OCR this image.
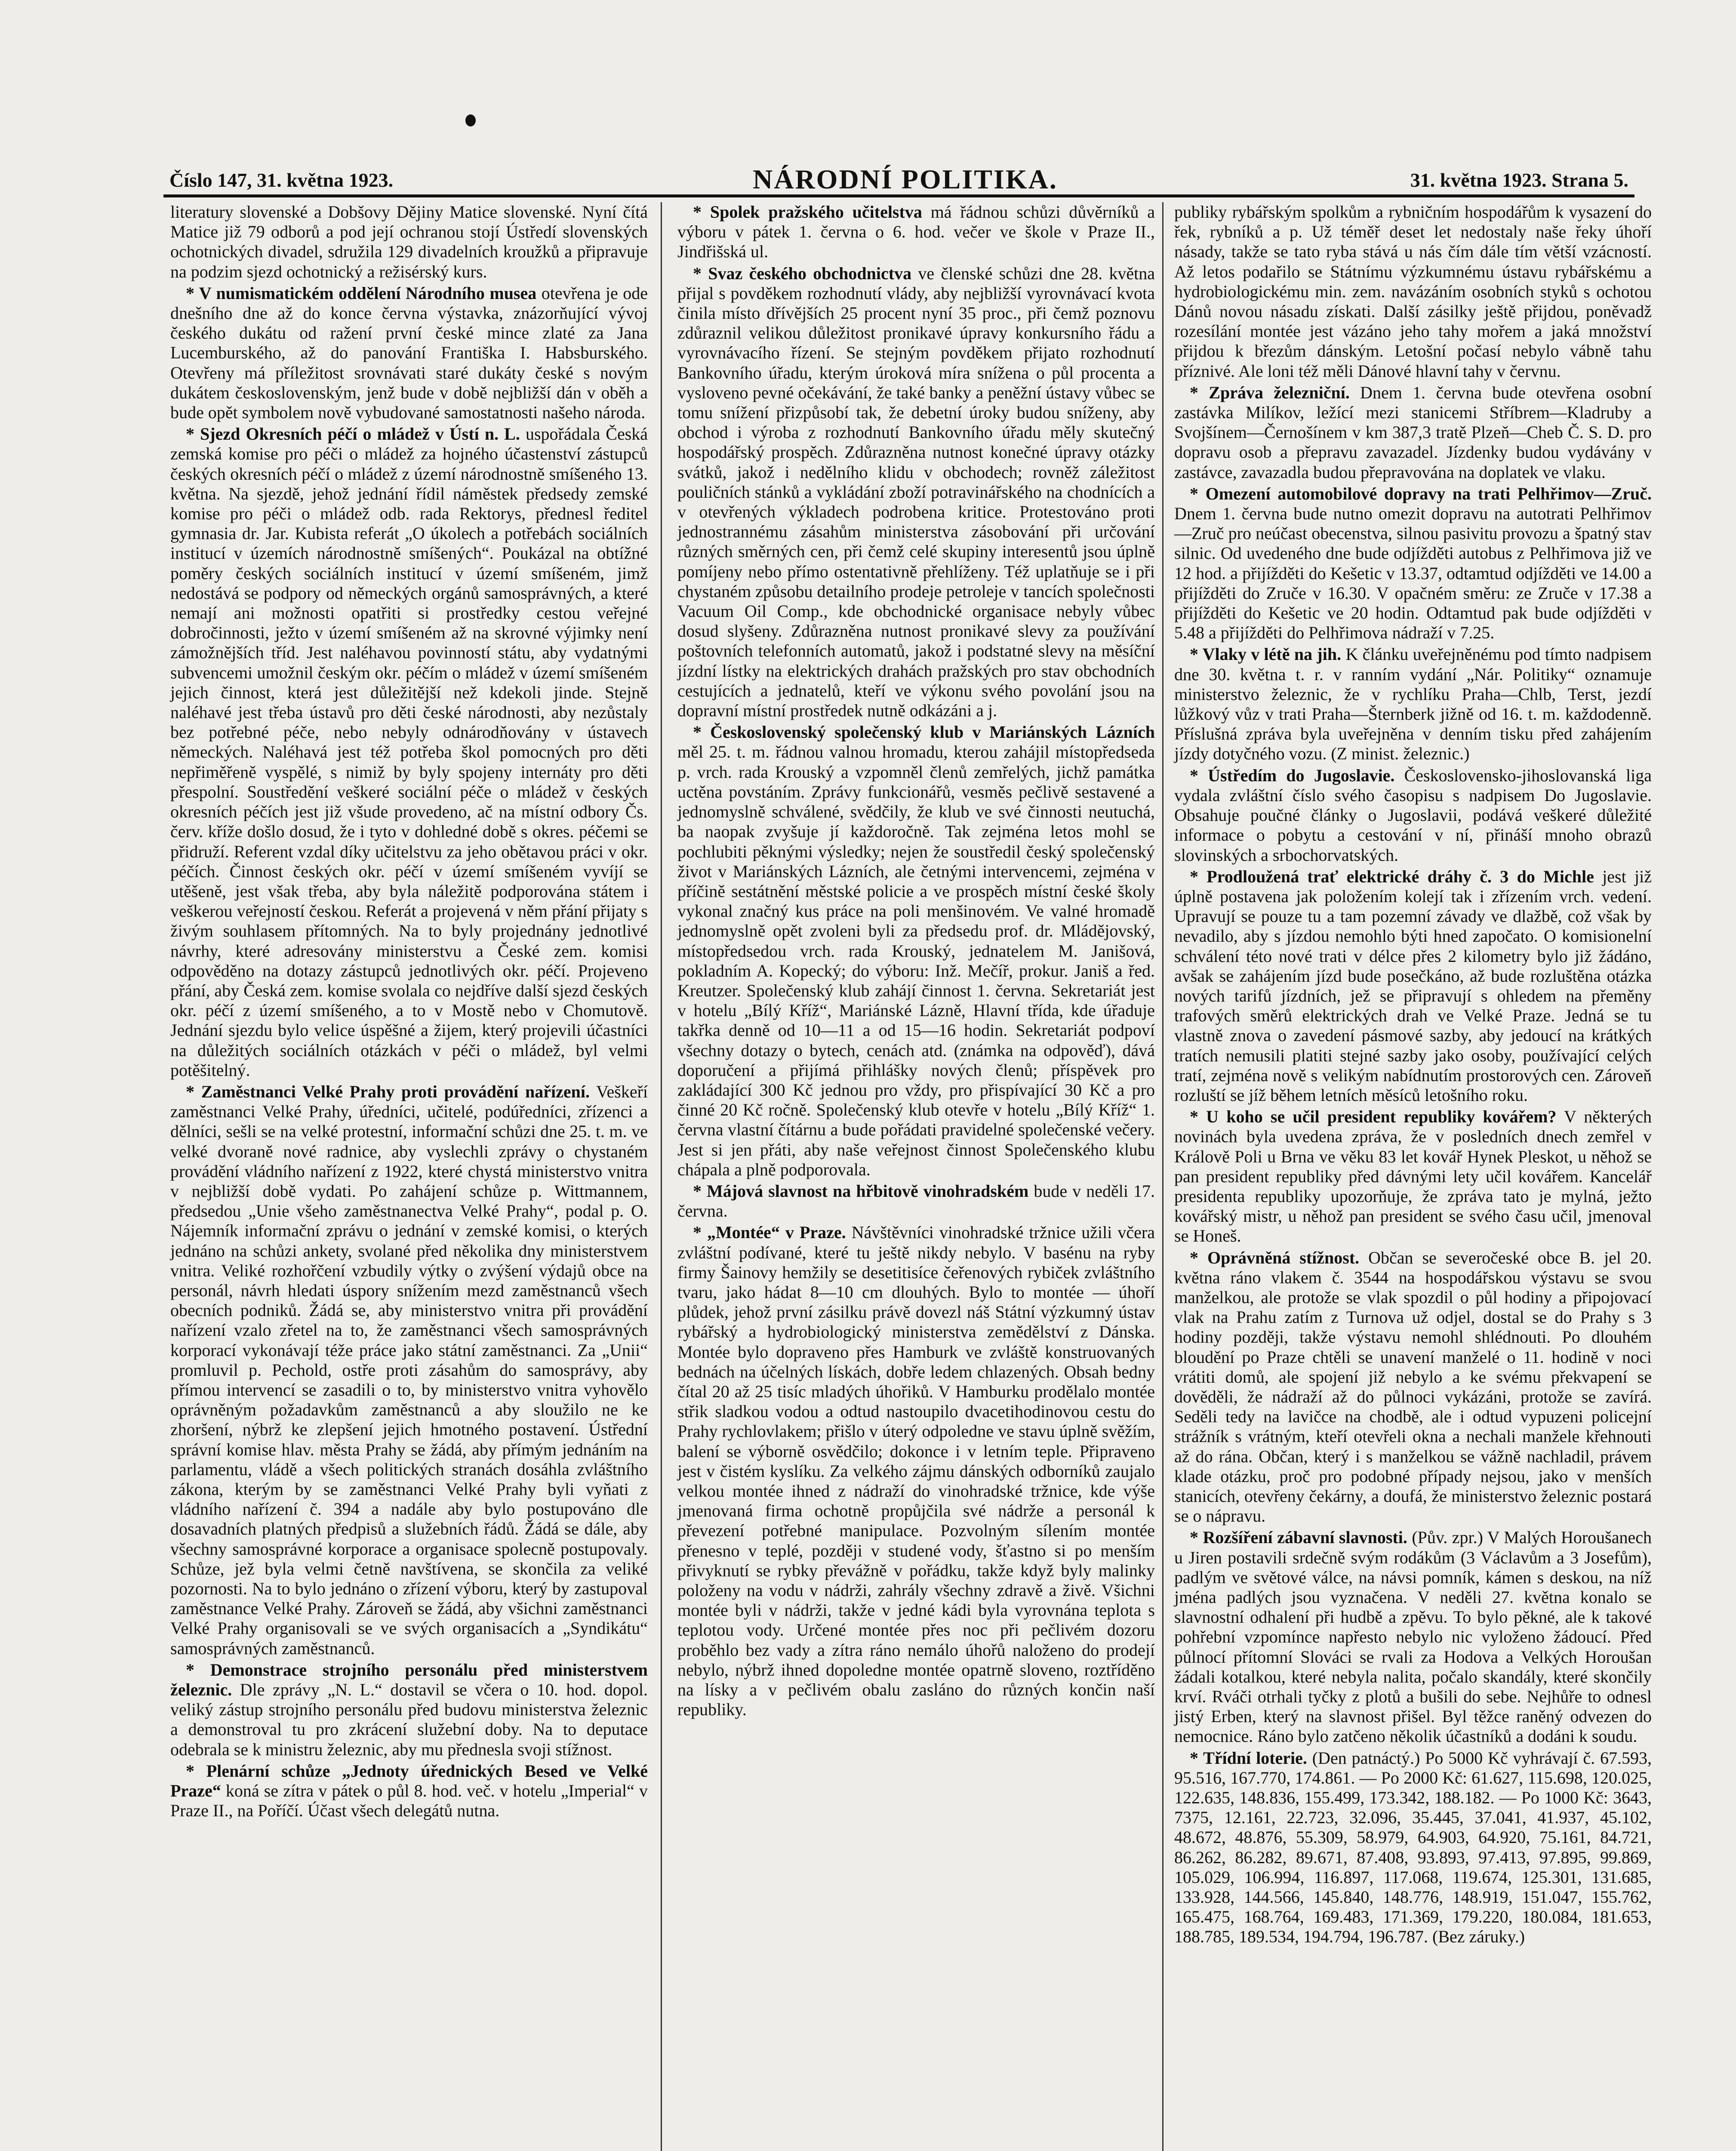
Číslo 147, 31. května 1923.	NÁRODNÍ POLITIKA.	31. května 1923. Strana 5.

literatury slovenské a Dobšovy Dějiny Matice slovenské. Nyní čítá Matice již 79 odborů a pod její ochranou stojí Ústředí slovenských ochotnických divadel, sdružila 129 divadelních kroužků a připravuje na podzim sjezd ochotnický a režisérský kurs.

* V numismatickém oddělení Národního musea otevřena je ode dnešního dne až do konce června výstavka, znázorňující vývoj českého dukátu od ražení první české mince zlaté za Jana Lucemburského, až do panování Františka I. Habsburského. Otevřeny má příležitost srovnávati staré dukáty české s novým dukátem československým, jenž bude v době nejbližší dán v oběh a bude opět symbolem nově vybudované samostatnosti našeho národa.

* Sjezd Okresních péčí o mládež v Ústí n. L. uspořádala Česká zemská komise pro péči o mládež za hojného účastenství zástupců českých okresních péčí o mládež z území národnostně smíšeného 13. května. Na sjezdě, jehož jednání řídil náměstek předsedy zemské komise pro péči o mládež odb. rada Rektorys, přednesl ředitel gymnasia dr. Jar. Kubista referát „O úkolech a potřebách sociálních institucí v územích národnostně smíšených“. Poukázal na obtížné poměry českých sociálních institucí v území smíšeném, jimž nedostává se podpory od německých orgánů samosprávných, a které nemají ani možnosti opatřiti si prostředky cestou veřejné dobročinnosti, ježto v území smíšeném až na skrovné výjimky není zámožnějších tříd. Jest naléhavou povinností státu, aby vydatnými subvencemi umožnil českým okr. péčím o mládež v území smíšeném jejich činnost, která jest důležitější než kdekoli jinde. Stejně naléhavé jest třeba ústavů pro děti české národnosti, aby nezůstaly bez potřebné péče, nebo nebyly odnárodňovány v ústavech německých. Naléhavá jest též potřeba škol pomocných pro děti nepřiměřeně vyspělé, s nimiž by byly spojeny internáty pro děti přespolní. Soustředění veškeré sociální péče o mládež v českých okresních péčích jest již všude provedeno, ač na místní odbory Čs. červ. kříže došlo dosud, že i tyto v dohledné době s okres. péčemi se přidruží. Referent vzdal díky učitelstvu za jeho obětavou práci v okr. péčích. Činnost českých okr. péčí v území smíšeném vyvíjí se utěšeně, jest však třeba, aby byla náležitě podporována státem i veškerou veřejností českou. Referát a projevená v něm přání přijaty s živým souhlasem přítomných. Na to byly projednány jednotlivé návrhy, které adresovány ministerstvu a České zem. komisi odpověděno na dotazy zástupců jednotlivých okr. péčí. Projeveno přání, aby Česká zem. komise svolala co nejdříve další sjezd českých okr. péčí z území smíšeného, a to v Mostě nebo v Chomutově. Jednání sjezdu bylo velice úspěšné a žijem, který projevili účastníci na důležitých sociálních otázkách v péči o mládež, byl velmi potěšitelný.

* Zaměstnanci Velké Prahy proti provádění nařízení. Veškeří zaměstnanci Velké Prahy, úředníci, učitelé, podúředníci, zřízenci a dělníci, sešli se na velké protestní, informační schůzi dne 25. t. m. ve velké dvoraně nové radnice, aby vyslechli zprávy o chystaném provádění vládního nařízení z 1922, které chystá ministerstvo vnitra v nejbližší době vydati. Po zahájení schůze p. Wittmannem, předsedou „Unie všeho zaměstnanectva Velké Prahy“, podal p. O. Nájemník informační zprávu o jednání v zemské komisi, o kterých jednáno na schůzi ankety, svolané před několika dny ministerstvem vnitra. Veliké rozhořčení vzbudily výtky o zvýšení výdajů obce na personál, návrh hledati úspory snížením mezd zaměstnanců všech obecních podniků. Žádá se, aby ministerstvo vnitra při provádění nařízení vzalo zřetel na to, že zaměstnanci všech samosprávných korporací vykonávají téže práce jako státní zaměstnanci. Za „Unii“ promluvil p. Pechold, ostře proti zásahům do samosprávy, aby přímou intervencí se zasadili o to, by ministerstvo vnitra vyhovělo oprávněným požadavkům zaměstnanců a aby sloužilo ne ke zhoršení, nýbrž ke zlepšení jejich hmotného postavení. Ústřední správní komise hlav. města Prahy se žádá, aby přímým jednáním na parlamentu, vládě a všech politických stranách dosáhla zvláštního zákona, kterým by se zaměstnanci Velké Prahy byli vyňati z vládního nařízení č. 394 a nadále aby bylo postupováno dle dosavadních platných předpisů a služebních řádů. Žádá se dále, aby všechny samosprávné korporace a organisace spolecně postupovaly. Schůze, jež byla velmi četně navštívena, se skončila za veliké pozornosti. Na to bylo jednáno o zřízení výboru, který by zastupoval zaměstnance Velké Prahy. Zároveň se žádá, aby všichni zaměstnanci Velké Prahy organisovali se ve svých organisacích a „Syndikátu“ samosprávných zaměstnanců.

* Demonstrace strojního personálu před ministerstvem železnic. Dle zprávy „N. L.“ dostavil se včera o 10. hod. dopol. veliký zástup strojního personálu před budovu ministerstva železnic a demonstroval tu pro zkrácení služební doby. Na to deputace odebrala se k ministru železnic, aby mu přednesla svoji stížnost.

* Plenární schůze „Jednoty úřednických Besed ve Velké Praze“ koná se zítra v pátek o půl 8. hod. več. v hotelu „Imperial“ v Praze II., na Poříčí. Účast všech delegátů nutna.

* Spolek pražského učitelstva má řádnou schůzi důvěrníků a výboru v pátek 1. června o 6. hod. večer ve škole v Praze II., Jindřišská ul.

* Svaz českého obchodnictva ve členské schůzi dne 28. května přijal s povděkem rozhodnutí vlády, aby nejbližší vyrovnávací kvota činila místo dřívějších 25 procent nyní 35 proc., při čemž poznovu zdůraznil velikou důležitost pronikavé úpravy konkursního řádu a vyrovnávacího řízení. Se stejným povděkem přijato rozhodnutí Bankovního úřadu, kterým úroková míra snížena o půl procenta a vysloveno pevné očekávání, že také banky a peněžní ústavy vůbec se tomu snížení přizpůsobí tak, že debetní úroky budou sníženy, aby obchod i výroba z rozhodnutí Bankovního úřadu měly skutečný hospodářský prospěch. Zdůrazněna nutnost konečné úpravy otázky svátků, jakož i nedělního klidu v obchodech; rovněž záležitost pouličních stánků a vykládání zboží potravinářského na chodnících a v otevřených výkladech podrobena kritice. Protestováno proti jednostrannému zásahům ministerstva zásobování při určování různých směrných cen, při čemž celé skupiny interesentů jsou úplně pomíjeny nebo přímo ostentativně přehlíženy. Též uplatňuje se i při chystaném způsobu detailního prodeje petroleje v tancích společnosti Vacuum Oil Comp., kde obchodnické organisace nebyly vůbec dosud slyšeny. Zdůrazněna nutnost pronikavé slevy za používání poštovních telefonních automatů, jakož i podstatné slevy na měsíční jízdní lístky na elektrických drahách pražských pro stav obchodních cestujících a jednatelů, kteří ve výkonu svého povolání jsou na dopravní místní prostředek nutně odkázáni a j.

* Československý společenský klub v Mariánských Lázních měl 25. t. m. řádnou valnou hromadu, kterou zahájil místopředseda p. vrch. rada Krouský a vzpomněl členů zemřelých, jichž památka uctěna povstáním. Zprávy funkcionářů, vesměs pečlivě sestavené a jednomyslně schválené, svědčily, že klub ve své činnosti neutuchá, ba naopak zvyšuje jí každoročně. Tak zejména letos mohl se pochlubiti pěknými výsledky; nejen že soustředil český společenský život v Mariánských Lázních, ale četnými intervencemi, zejména v příčině sestátnění městské policie a ve prospěch místní české školy vykonal značný kus práce na poli menšinovém. Ve valné hromadě jednomyslně opět zvoleni byli za předsedu prof. dr. Mládějovský, místopředsedou vrch. rada Krouský, jednatelem M. Janišová, pokladním A. Kopecký; do výboru: Inž. Mečíř, prokur. Janiš a řed. Kreutzer. Společenský klub zahájí činnost 1. června. Sekretariát jest v hotelu „Bílý Kříž“, Mariánské Lázně, Hlavní třída, kde úřaduje takřka denně od 10—11 a od 15—16 hodin. Sekretariát podpoví všechny dotazy o bytech, cenách atd. (známka na odpověď), dává doporučení a přijímá přihlášky nových členů; příspěvek pro zakládající 300 Kč jednou pro vždy, pro přispívající 30 Kč a pro činné 20 Kč ročně. Společenský klub otevře v hotelu „Bílý Kříž“ 1. června vlastní čítárnu a bude pořádati pravidelné společenské večery. Jest si jen přáti, aby naše veřejnost činnost Společenského klubu chápala a plně podporovala.

* Májová slavnost na hřbitově vinohradském bude v neděli 17. června.

* „Montée“ v Praze. Návštěvníci vinohradské tržnice užili včera zvláštní podívané, které tu ještě nikdy nebylo. V basénu na ryby firmy Šainovy hemžily se desetitisíce čeřenových rybiček zvláštního tvaru, jako hádat 8—10 cm dlouhých. Bylo to montée — úhoří plůdek, jehož první zásilku právě dovezl náš Státní výzkumný ústav rybářský a hydrobiologický ministerstva zemědělství z Dánska. Montée bylo dopraveno přes Hamburk ve zvláště konstruovaných bednách na účelných lískách, dobře ledem chlazených. Obsah bedny čítal 20 až 25 tisíc mladých úhořiků. V Hamburku prodělalo montée střik sladkou vodou a odtud nastoupilo dvacetihodinovou cestu do Prahy rychlovlakem; přišlo v úterý odpoledne ve stavu úplně svěžím, balení se výborně osvědčilo; dokonce i v letním teple. Připraveno jest v čistém kyslíku. Za velkého zájmu dánských odborníků zaujalo velkou montée ihned z nádraží do vinohradské tržnice, kde výše jmenovaná firma ochotně propůjčila své nádrže a personál k převezení potřebné manipulace. Pozvolným sílením montée přenesno v teplé, později v studené vody, šťastno si po menším přivyknutí se rybky převážně v pořádku, takže když byly malinky položeny na vodu v nádrži, zahrály všechny zdravě a živě. Všichni montée byli v nádrži, takže v jedné kádi byla vyrovnána teplota s teplotou vody. Určené montée přes noc při pečlivém dozoru proběhlo bez vady a zítra ráno nemálo úhořů naloženo do prodejí nebylo, nýbrž ihned dopoledne montée opatrně sloveno, roztříděno na lísky a v pečlivém obalu zasláno do různých končin naší republiky.

publiky rybářským spolkům a rybničním hospodářům k vysazení do řek, rybníků a p. Už téměř deset let nedostaly naše řeky úhoří násady, takže se tato ryba stává u nás čím dále tím větší vzácností. Až letos podařilo se Státnímu výzkumnému ústavu rybářskému a hydrobiologickému min. zem. navázáním osobních styků s ochotou Dánů novou násadu získati. Další zásilky ještě přijdou, poněvadž rozesílání montée jest vázáno jeho tahy mořem a jaká množství přijdou k březům dánským. Letošní počasí nebylo vábně tahu příznivé. Ale loni též měli Dánové hlavní tahy v červnu.

* Zpráva železniční. Dnem 1. června bude otevřena osobní zastávka Milíkov, ležící mezi stanicemi Stříbrem—Kladruby a Svojšínem—Černošínem v km 387,3 tratě Plzeň—Cheb Č. S. D. pro dopravu osob a přepravu zavazadel. Jízdenky budou vydávány v zastávce, zavazadla budou přepravována na doplatek ve vlaku.

* Omezení automobilové dopravy na trati Pelhřimov—Zruč. Dnem 1. června bude nutno omezit dopravu na autotrati Pelhřimov—Zruč pro neúčast obecenstva, silnou pasivitu provozu a špatný stav silnic. Od uvedeného dne bude odjížděti autobus z Pelhřimova již ve 12 hod. a přijížděti do Kešetic v 13.37, odtamtud odjížděti ve 14.00 a přijížděti do Zruče v 16.30. V opačném směru: ze Zruče v 17.38 a přijížděti do Kešetic ve 20 hodin. Odtamtud pak bude odjížděti v 5.48 a přijížděti do Pelhřimova nádraží v 7.25.

* Vlaky v létě na jih. K článku uveřejněnému pod tímto nadpisem dne 30. května t. r. v ranním vydání „Nár. Politiky“ oznamuje ministerstvo železnic, že v rychlíku Praha—Chlb, Terst, jezdí lůžkový vůz v trati Praha—Šternberk jižně od 16. t. m. každodenně. Příslušná zpráva byla uveřejněna v denním tisku před zahájením jízdy dotyčného vozu. (Z minist. železnic.)

* Ústředím do Jugoslavie. Československo-jihoslovanská liga vydala zvláštní číslo svého časopisu s nadpisem Do Jugoslavie. Obsahuje poučné články o Jugoslavii, podává veškeré důležité informace o pobytu a cestování v ní, přináší mnoho obrazů slovinských a srbochorvatských.

* Prodloužená trať elektrické dráhy č. 3 do Michle jest již úplně postavena jak položením kolejí tak i zřízením vrch. vedení. Upravují se pouze tu a tam pozemní závady ve dlažbě, což však by nevadilo, aby s jízdou nemohlo býti hned započato. O komisionelní schválení této nové trati v délce přes 2 kilometry bylo již žádáno, avšak se zahájením jízd bude posečkáno, až bude rozluštěna otázka nových tarifů jízdních, jež se připravují s ohledem na přeměny trafových směrů elektrických drah ve Velké Praze. Jedná se tu vlastně znova o zavedení pásmové sazby, aby jedoucí na krátkých tratích nemusili platiti stejné sazby jako osoby, používající celých tratí, zejména nově s velikým nabídnutím prostorových cen. Zároveň rozluští se jíž během letních měsíců letošního roku.

* U koho se učil president republiky kovářem? V některých novinách byla uvedena zpráva, že v posledních dnech zemřel v Králově Poli u Brna ve věku 83 let kovář Hynek Pleskot, u něhož se pan president republiky před dávnými lety učil kovářem. Kancelář presidenta republiky upozorňuje, že zpráva tato je mylná, ježto kovářský mistr, u něhož pan president se svého času učil, jmenoval se Honeš.

* Oprávněná stížnost. Občan se severočeské obce B. jel 20. května ráno vlakem č. 3544 na hospodářskou výstavu se svou manželkou, ale protože se vlak spozdil o půl hodiny a připojovací vlak na Prahu zatím z Turnova už odjel, dostal se do Prahy s 3 hodiny později, takže výstavu nemohl shlédnouti. Po dlouhém bloudění po Praze chtěli se unavení manželé o 11. hodině v noci vrátiti domů, ale spojení již nebylo a ke svému překvapení se dověděli, že nádraží až do půlnoci vykázáni, protože se zavírá. Seděli tedy na lavičce na chodbě, ale i odtud vypuzeni policejní strážník s vrátným, kteří otevřeli okna a nechali manžele křehnouti až do rána. Občan, který i s manželkou se vážně nachladil, právem klade otázku, proč pro podobné případy nejsou, jako v menších stanicích, otevřeny čekárny, a doufá, že ministerstvo železnic postará se o nápravu.

* Rozšíření zábavní slavnosti. (Pův. zpr.) V Malých Horoušanech u Jiren postavili srdečně svým rodákům (3 Václavům a 3 Josefům), padlým ve světové válce, na návsi pomník, kámen s deskou, na níž jména padlých jsou vyznačena. V neděli 27. května konalo se slavnostní odhalení při hudbě a zpěvu. To bylo pěkné, ale k takové pohřební vzpomínce napřesto nebylo nic vyloženo žádoucí. Před půlnocí přítomní Slováci se rvali za Hodova a Velkých Horoušan žádali kotalkou, které nebyla nalita, počalo skandály, které skončily krví. Rváči otrhali tyčky z plotů a bušili do sebe. Nejhůře to odnesl jistý Erben, který na slavnost přišel. Byl těžce raněný odvezen do nemocnice. Ráno bylo zatčeno několik účastníků a dodáni k soudu.

* Třídní loterie. (Den patnáctý.) Po 5000 Kč vyhrávají č. 67.593, 95.516, 167.770, 174.861. — Po 2000 Kč: 61.627, 115.698, 120.025, 122.635, 148.836, 155.499, 173.342, 188.182. — Po 1000 Kč: 3643, 7375, 12.161, 22.723, 32.096, 35.445, 37.041, 41.937, 45.102, 48.672, 48.876, 55.309, 58.979, 64.903, 64.920, 75.161, 84.721, 86.262, 86.282, 89.671, 87.408, 93.893, 97.413, 97.895, 99.869, 105.029, 106.994, 116.897, 117.068, 119.674, 125.301, 131.685, 133.928, 144.566, 145.840, 148.776, 148.919, 151.047, 155.762, 165.475, 168.764, 169.483, 171.369, 179.220, 180.084, 181.653, 188.785, 189.534, 194.794, 196.787. (Bez záruky.)
